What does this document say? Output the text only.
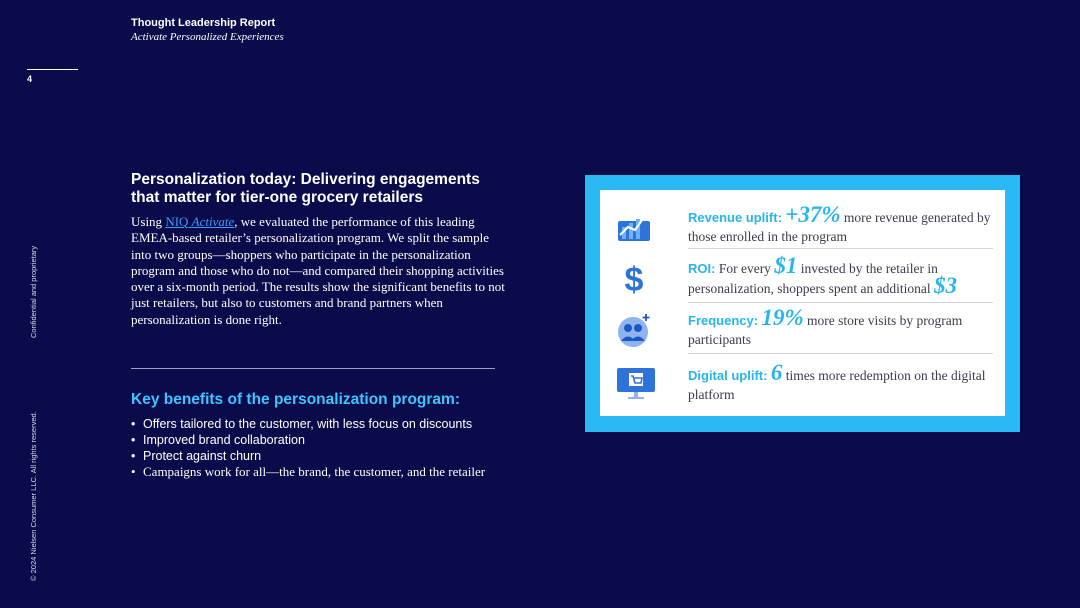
Thought Leadership Report
Activate Personalized Experiences
4
Confidential and proprietary
© 2024 Nielsen Consumer LLC. All rights reserved.
Personalization today: Delivering engagements that matter for tier-one grocery retailers
Using NIQ Activate, we evaluated the performance of this leading EMEA-based retailer’s personalization program. We split the sample into two groups—shoppers who participate in the personalization program and those who do not—and compared their shopping activities over a six-month period. The results show the significant benefits to not just retailers, but also to customers and brand partners when personalization is done right.
Key benefits of the personalization program:
• Offers tailored to the customer, with less focus on discounts
• Improved brand collaboration
• Protect against churn
• Campaigns work for all—the brand, the customer, and the retailer
Revenue uplift: +37% more revenue generated by those enrolled in the program
$	ROI: For every $1 invested by the retailer in personalization, shoppers spent an additional $3
Frequency: 19% more store visits by program participants
Digital uplift: 6 times more redemption on the digital platform
